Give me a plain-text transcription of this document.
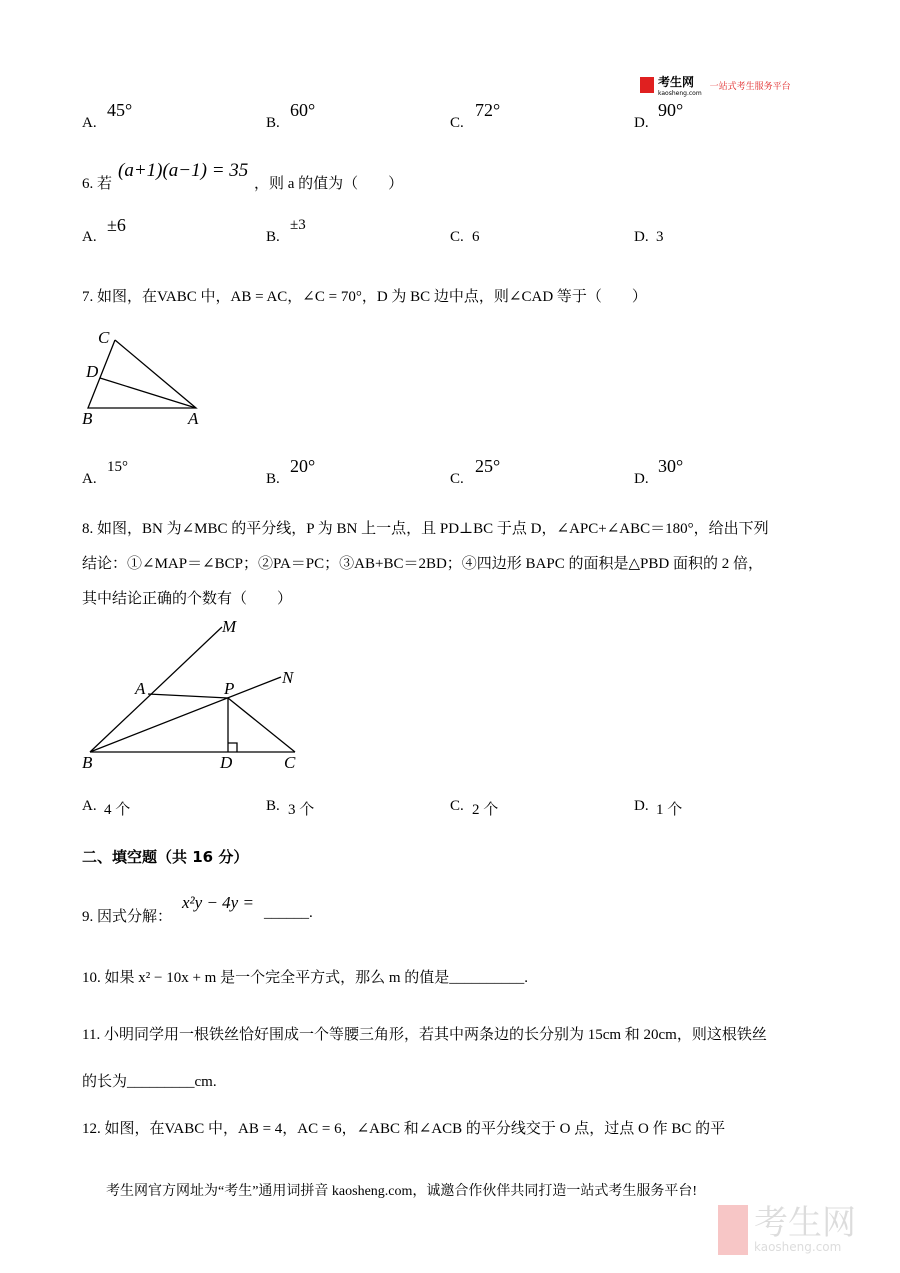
考生网
kaosheng.com
一站式考生服务平台
A.
45°
B.
60°
C.
72°
D.
90°
6. 若
(a+1)(a−1) = 35
，则 a 的值为（　　）
A.
±6
B.
±3
C. 6	D. 3
7. 如图，在VABC 中，AB = AC，∠C = 70°，D 为 BC 边中点，则∠CAD 等于（　　）
C
D
B	A
A.
15°
B.
20°
C.
25°
D.
30°
8. 如图，BN 为∠MBC 的平分线，P 为 BN 上一点，且 PD⊥BC 于点 D，∠APC+∠ABC＝180°，给出下列
结论：①∠MAP＝∠BCP；②PA＝PC；③AB+BC＝2BD；④四边形 BAPC 的面积是△PBD 面积的 2 倍，
其中结论正确的个数有（　　）
M
N
A	P
B	D	C
A. 4 个	B. 3 个	C. 2 个	D. 1 个
二、填空题（共 16 分）
9. 因式分解：
x²y − 4y =
______.
10. 如果 x² − 10x + m 是一个完全平方式，那么 m 的值是__________.
11. 小明同学用一根铁丝恰好围成一个等腰三角形，若其中两条边的长分别为 15cm 和 20cm，则这根铁丝
的长为_________cm.
12. 如图，在VABC 中，AB = 4，AC = 6，∠ABC 和∠ACB 的平分线交于 O 点，过点 O 作 BC 的平
考生网官方网址为“考生”通用词拼音 kaosheng.com，诚邀合作伙伴共同打造一站式考生服务平台!
考生网
kaosheng.com
